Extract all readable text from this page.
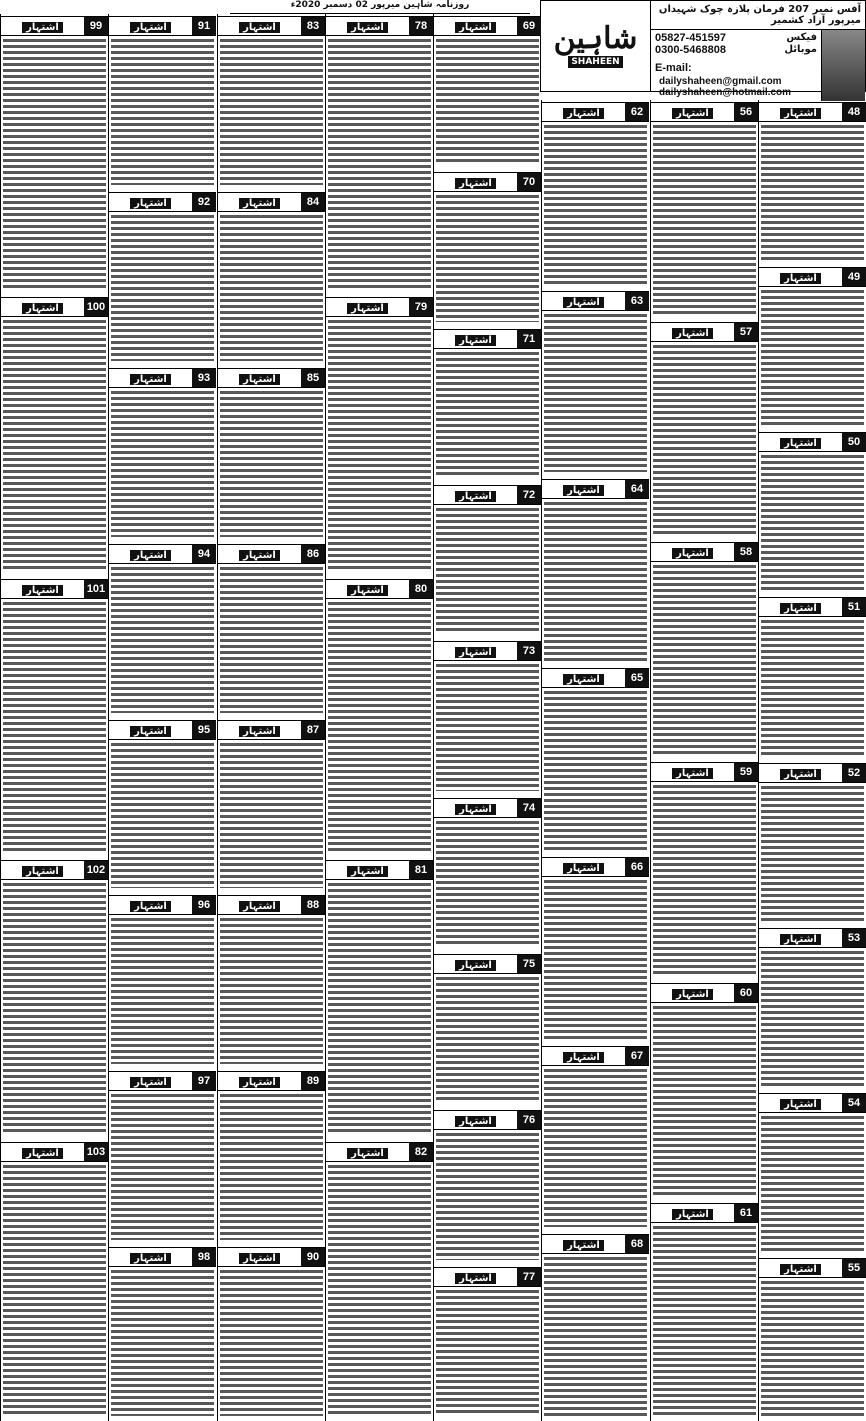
روزنامہ شاہین میرپور 02 دسمبر 2020ء
شاہین
SHAHEEN
آفس نمبر 207 فرمان پلازہ چوک شہیداں میرپور آزاد کشمیر
05827-451597	فیکس
0300-5468808	موبائل
E-mail:
dailyshaheen@gmail.com
dailyshaheen@hotmail.com
اشتہار	99
اشتہار	100
اشتہار	101
اشتہار	102
اشتہار	103
اشتہار	91
اشتہار	92
اشتہار	93
اشتہار	94
اشتہار	95
اشتہار	96
اشتہار	97
اشتہار	98
اشتہار	83
اشتہار	84
اشتہار	85
اشتہار	86
اشتہار	87
اشتہار	88
اشتہار	89
اشتہار	90
اشتہار	78
اشتہار	79
اشتہار	80
اشتہار	81
اشتہار	82
اشتہار	69
اشتہار	70
اشتہار	71
اشتہار	72
اشتہار	73
اشتہار	74
اشتہار	75
اشتہار	76
اشتہار	77
اشتہار	62
اشتہار	63
اشتہار	64
اشتہار	65
اشتہار	66
اشتہار	67
اشتہار	68
اشتہار	56
اشتہار	57
اشتہار	58
اشتہار	59
اشتہار	60
اشتہار	61
اشتہار	48
اشتہار	49
اشتہار	50
اشتہار	51
اشتہار	52
اشتہار	53
اشتہار	54
اشتہار	55
